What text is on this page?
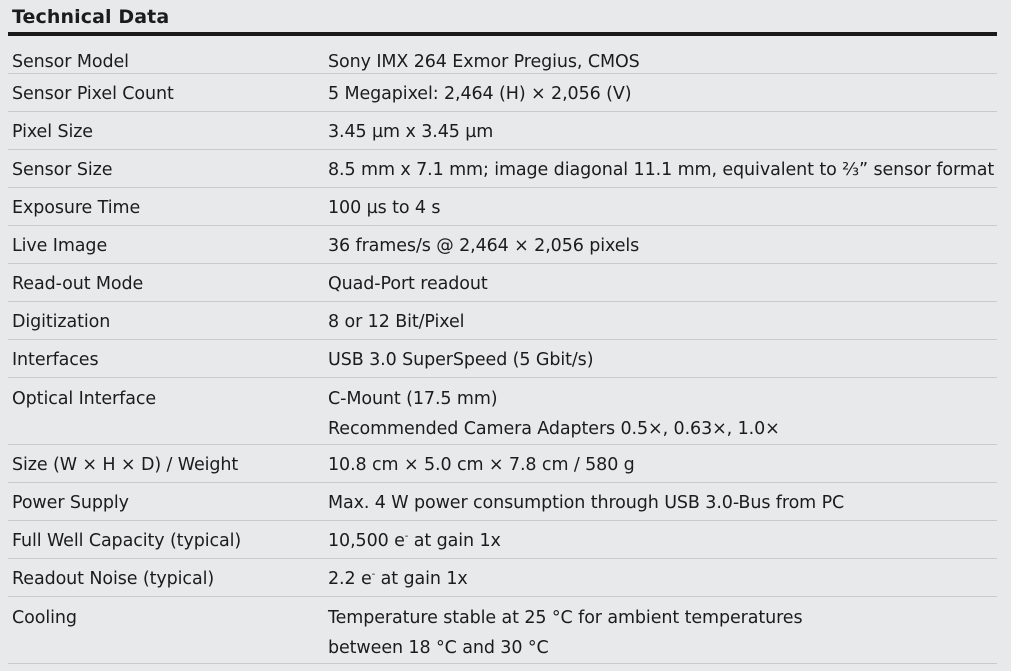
Technical Data
Sensor Model	Sony IMX 264 Exmor Pregius, CMOS
Sensor Pixel Count	5 Megapixel: 2,464 (H) × 2,056 (V)
Pixel Size	3.45 µm x 3.45 µm
Sensor Size	8.5 mm x 7.1 mm; image diagonal 11.1 mm, equivalent to ⅔” sensor format
Exposure Time	100 µs to 4 s
Live Image	36 frames/s @ 2,464 × 2,056 pixels
Read-out Mode	Quad-Port readout
Digitization	8 or 12 Bit/Pixel
Interfaces	USB 3.0 SuperSpeed (5 Gbit/s)
Optical Interface	C-Mount (17.5 mm)
Recommended Camera Adapters 0.5×, 0.63×, 1.0×
Size (W × H × D) / Weight	10.8 cm × 5.0 cm × 7.8 cm / 580 g
Power Supply	Max. 4 W power consumption through USB 3.0-Bus from PC
Full Well Capacity (typical)	10,500 e- at gain 1x
Readout Noise (typical)	2.2 e- at gain 1x
Cooling	Temperature stable at 25 °C for ambient temperatures
between 18 °C and 30 °C
